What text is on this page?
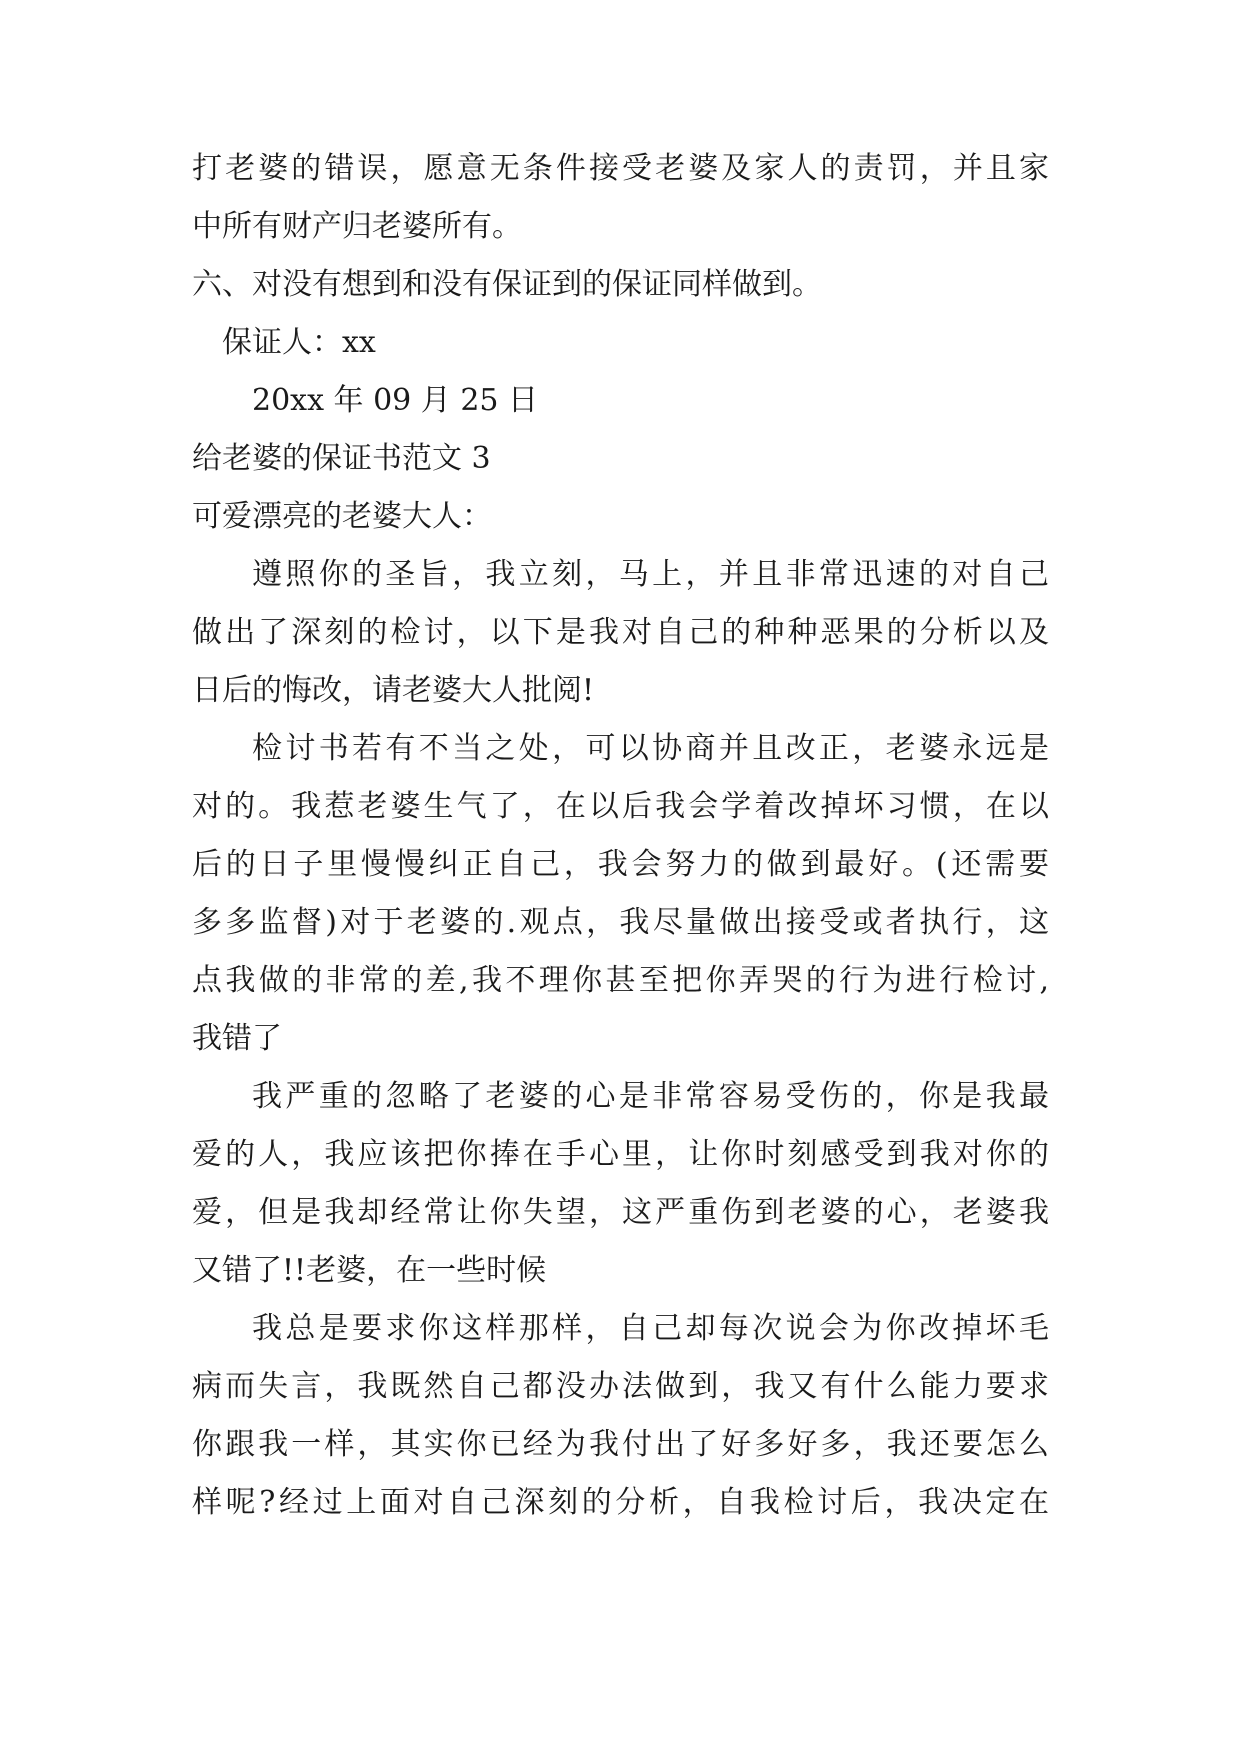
打老婆的错误，愿意无条件接受老婆及家人的责罚，并且家
中所有财产归老婆所有。
六、对没有想到和没有保证到的保证同样做到。
保证人：xx
20xx 年 09 月 25 日
给老婆的保证书范文 3
可爱漂亮的老婆大人：
遵照你的圣旨，我立刻，马上，并且非常迅速的对自己
做出了深刻的检讨，以下是我对自己的种种恶果的分析以及
日后的悔改，请老婆大人批阅!
检讨书若有不当之处，可以协商并且改正，老婆永远是
对的。我惹老婆生气了，在以后我会学着改掉坏习惯，在以
后的日子里慢慢纠正自己，我会努力的做到最好。(还需要
多多监督)对于老婆的.观点，我尽量做出接受或者执行，这
点我做的非常的差,我不理你甚至把你弄哭的行为进行检讨,
我错了
我严重的忽略了老婆的心是非常容易受伤的，你是我最
爱的人，我应该把你捧在手心里，让你时刻感受到我对你的
爱，但是我却经常让你失望，这严重伤到老婆的心，老婆我
又错了!!老婆，在一些时候
我总是要求你这样那样，自己却每次说会为你改掉坏毛
病而失言，我既然自己都没办法做到，我又有什么能力要求
你跟我一样，其实你已经为我付出了好多好多，我还要怎么
样呢?经过上面对自己深刻的分析，自我检讨后，我决定在
